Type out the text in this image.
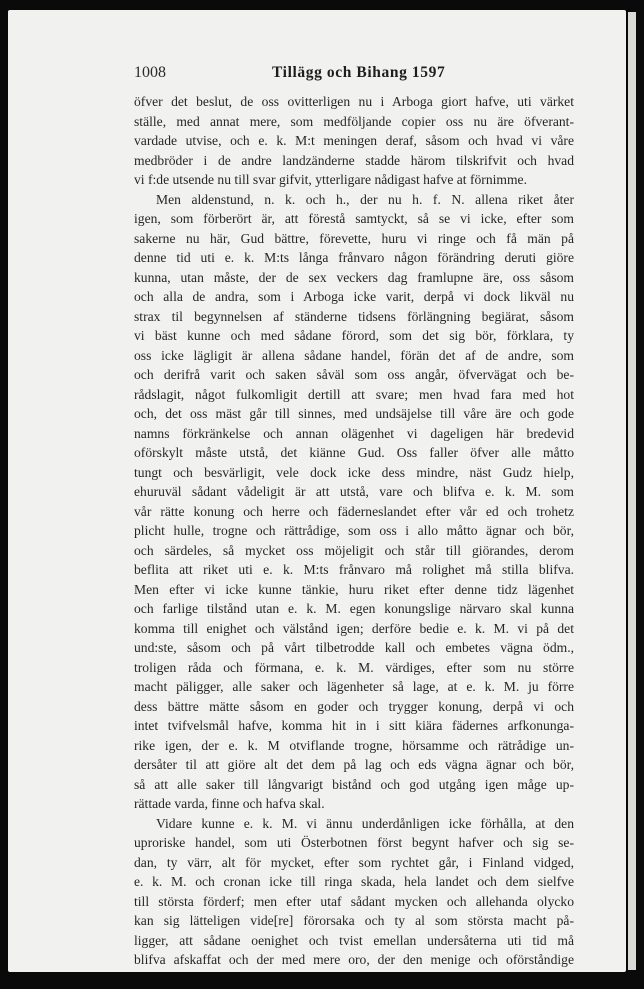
1008	Tillägg och Bihang 1597
öfver det beslut, de oss ovitterligen nu i Arboga giort hafve, uti värket
ställe, med annat mere, som medföljande copier oss nu äre öfverant-
vardade utvise, och e. k. M:t meningen deraf, såsom och hvad vi våre
medbröder i de andre landzänderne stadde härom tilskrifvit och hvad
vi f:de utsende nu till svar gifvit, ytterligare nådigast hafve at förnimme.
Men aldenstund, n. k. och h., der nu h. f. N. allena riket åter
igen, som förberört är, att förestå samtyckt, så se vi icke, efter som
sakerne nu här, Gud bättre, förevette, huru vi ringe och få män på
denne tid uti e. k. M:ts långa frånvaro någon förändring deruti giöre
kunna, utan måste, der de sex veckers dag framlupne äre, oss såsom
och alla de andra, som i Arboga icke varit, derpå vi dock likväl nu
strax til begynnelsen af ständerne tidsens förlängning begiärat, såsom
vi bäst kunne och med sådane förord, som det sig bör, förklara, ty
oss icke lägligit är allena sådane handel, förän det af de andre, som
och derifrå varit och saken såväl som oss angår, öfvervägat och be-
rådslagit, något fulkomligit dertill att svare; men hvad fara med hot
och, det oss mäst går till sinnes, med undsäjelse till våre äre och gode
namns förkränkelse och annan olägenhet vi dageligen här bredevid
oförskylt måste utstå, det kiänne Gud. Oss faller öfver alle måtto
tungt och besvärligit, vele dock icke dess mindre, näst Gudz hielp,
ehuruväl sådant vådeligit är att utstå, vare och blifva e. k. M. som
vår rätte konung och herre och fäderneslandet efter vår ed och trohetz
plicht hulle, trogne och rättrådige, som oss i allo måtto ägnar och bör,
och särdeles, så mycket oss möjeligit och står till giörandes, derom
beflita att riket uti e. k. M:ts frånvaro må rolighet må stilla blifva.
Men efter vi icke kunne tänkie, huru riket efter denne tidz lägenhet
och farlige tilstånd utan e. k. M. egen konungslige närvaro skal kunna
komma till enighet och välstånd igen; derföre bedie e. k. M. vi på det
und:ste, såsom och på vårt tilbetrodde kall och embetes vägna ödm.,
troligen råda och förmana, e. k. M. värdiges, efter som nu större
macht päligger, alle saker och lägenheter så lage, at e. k. M. ju förre
dess bättre mätte såsom en goder och trygger konung, derpå vi och
intet tvifvelsmål hafve, komma hit in i sitt kiära fädernes arfkonunga-
rike igen, der e. k. M otviflande trogne, hörsamme och rätrådige un-
dersåter til att giöre alt det dem på lag och eds vägna ägnar och bör,
så att alle saker till långvarigt bistånd och god utgång igen måge up-
rättade varda, finne och hafva skal.
Vidare kunne e. k. M. vi ännu underdånligen icke förhålla, at den
uproriske handel, som uti Österbotnen först begynt hafver och sig se-
dan, ty värr, alt för mycket, efter som rychtet går, i Finland vidged,
e. k. M. och cronan icke till ringa skada, hela landet och dem sielfve
till största förderf; men efter utaf sådant mycken och allehanda olycko
kan sig lätteligen vide[re] förorsaka och ty al som största macht på-
ligger, att sådane oenighet och tvist emellan undersåterna uti tid må
blifva afskaffat och der med mere oro, der den menige och oförståndige
